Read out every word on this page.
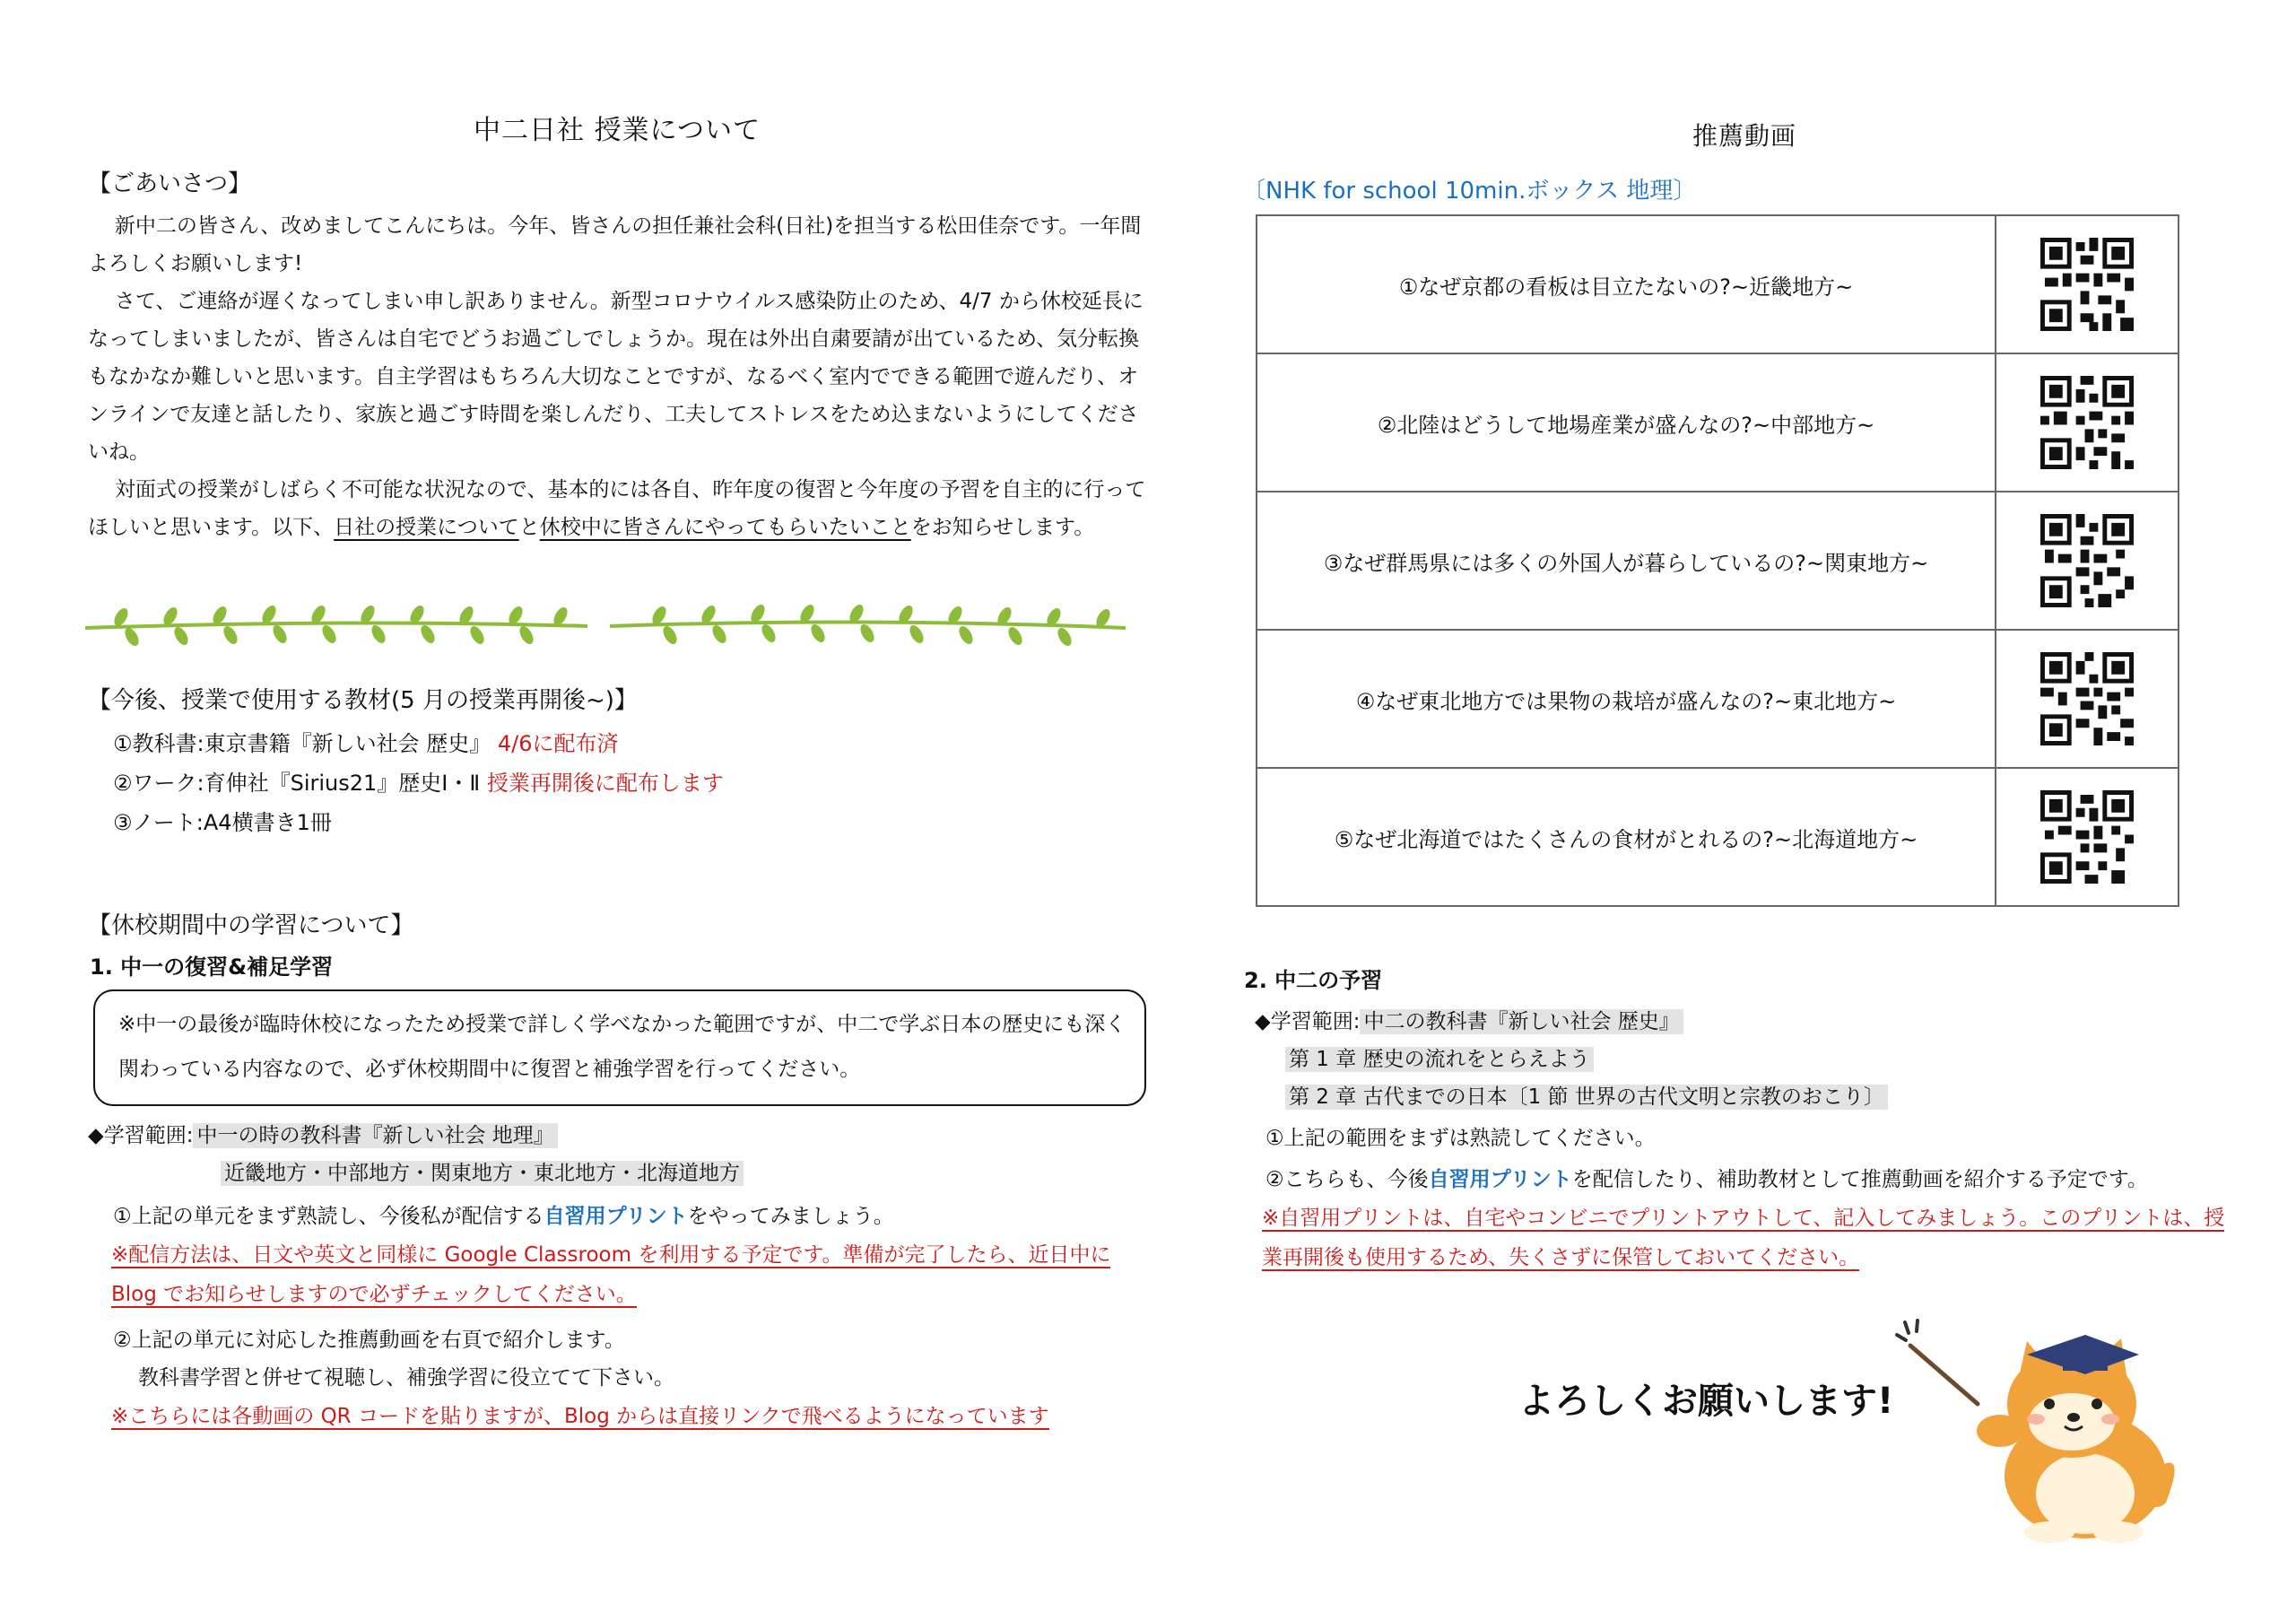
中二日社 授業について
【ごあいさつ】

新中二の皆さん、改めましてこんにちは。今年、皆さんの担任兼社会科(日社)を担当する松田佳奈です。一年間よろしくお願いします!

さて、ご連絡が遅くなってしまい申し訳ありません。新型コロナウイルス感染防止のため、4/7 から休校延長になってしまいましたが、皆さんは自宅でどうお過ごしでしょうか。現在は外出自粛要請が出ているため、気分転換もなかなか難しいと思います。自主学習はもちろん大切なことですが、なるべく室内でできる範囲で遊んだり、オンラインで友達と話したり、家族と過ごす時間を楽しんだり、工夫してストレスをため込まないようにしてくださいね。

対面式の授業がしばらく不可能な状況なので、基本的には各自、昨年度の復習と今年度の予習を自主的に行ってほしいと思います。以下、日社の授業についてと休校中に皆さんにやってもらいたいことをお知らせします。

【今後、授業で使用する教材(5 月の授業再開後~)】
①教科書:東京書籍『新しい社会 歴史』 4/6に配布済
②ワーク:育伸社『Sirius21』歴史Ⅰ・Ⅱ 授業再開後に配布します
③ノート:A4横書き1冊
【休校期間中の学習について】
1. 中一の復習&補足学習
※中一の最後が臨時休校になったため授業で詳しく学べなかった範囲ですが、中二で学ぶ日本の歴史にも深く関わっている内容なので、必ず休校期間中に復習と補強学習を行ってください。
◆学習範囲: 中一の時の教科書『新しい社会 地理』
近畿地方・中部地方・関東地方・東北地方・北海道地方
①上記の単元をまず熟読し、今後私が配信する自習用プリントをやってみましょう。
※配信方法は、日文や英文と同様に Google Classroom を利用する予定です。準備が完了したら、近日中に Blog でお知らせしますので必ずチェックしてください。
②上記の単元に対応した推薦動画を右頁で紹介します。
教科書学習と併せて視聴し、補強学習に役立てて下さい。
※こちらには各動画の QR コードを貼りますが、Blog からは直接リンクで飛べるようになっています
推薦動画
〔NHK for school 10min.ボックス 地理〕
①なぜ京都の看板は目立たないの?~近畿地方~	
②北陸はどうして地場産業が盛んなの?~中部地方~	
③なぜ群馬県には多くの外国人が暮らしているの?~関東地方~	
④なぜ東北地方では果物の栽培が盛んなの?~東北地方~	
⑤なぜ北海道ではたくさんの食材がとれるの?~北海道地方~	
2. 中二の予習
◆学習範囲: 中二の教科書『新しい社会 歴史』
第 1 章 歴史の流れをとらえよう
第 2 章 古代までの日本〔1 節 世界の古代文明と宗教のおこり〕
①上記の範囲をまずは熟読してください。
②こちらも、今後自習用プリントを配信したり、補助教材として推薦動画を紹介する予定です。
※自習用プリントは、自宅やコンビニでプリントアウトして、記入してみましょう。このプリントは、授業再開後も使用するため、失くさずに保管しておいてください。
よろしくお願いします!
